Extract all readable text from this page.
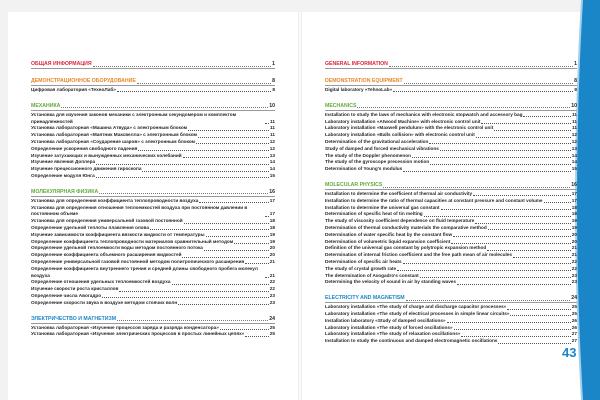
ОБЩАЯ ИНФОРМАЦИЯ	1
ДЕМОНСТРАЦИОННОЕ ОБОРУДОВАНИЕ	8
Цифровая лаборатория «ТехноЛаб»	8
МЕХАНИКА	10
Установка для изучения законов механики с электронным секундомером и комплектом принадлежностей	11
Установка лабораторная «Машина Атвуда» с электронным блоком	11
Установка лабораторная «Маятник Максвелла» с электронным блоком	11
Установка лабораторная «Соударение шаров» с электронным блоком	12
Определение ускорения свободного падения	12
Изучение затухающих и вынужденных механических колебаний	13
Изучение явления Доплера	14
Изучение прецессионного движения гироскопа	14
Определение модуля Юнга	15
МОЛЕКУЛЯРНАЯ ФИЗИКА	16
Установка для определения коэффициента теплопроводности воздуха	17
Установка для определения отношения теплоемкостей воздуха при постоянном давлении в постоянном объеме	17
Установка для определения универсальной газовой постоянной	18
Определение удельной теплоты плавления олова	18
Изучение зависимости коэффициента вязкости жидкости от температуры	19
Определение коэффициента теплопроводности материалов сравнительный методом	19
Определение удельной теплоемкости воды методом постоянного потока	20
Определение коэффициента объемного расширения жидкостей	20
Определение универсальной газовой постоянной методом политропического расширения	21
Определение коэффициента внутреннего трения и средней длины свободного пробега молекул воздуха	21
Определение отношения удельных теплоемкостей воздуха	22
Изучение скорости роста кристаллов	22
Определение числа Авогадро	23
Определение скорости звука в воздухе методом стоячих волн	23
ЭЛЕКТРИЧЕСТВО И МАГНЕТИЗМ	24
Установка лабораторная «Изучение процессов заряда и разряда конденсатора»	25
Установка лабораторная «Изучение электрических процессов в простых линейных цепях»	25
GENERAL INFORMATION	1
DEMONSTRATION EQUIPMENT	8
Digital laboratory «TehnoLab»	8
MECHANICS	10
Installation to study the laws of mechanics with electronic stopwatch and accessory bag	11
Laboratory installation «Atwood Machine» with electronic control unit	11
Laboratory installation «Maxwell pendulum» with the electronic control unit	11
Laboratory installation «Balls collision» with electronic control unit	12
Determination of the gravitational acceleration	12
Study of damped and forced mechanical vibrations	13
The study of the Doppler phenomenon	14
The study of the gyroscope precession motion	14
Determination of Young's modulus	15
MOLECULAR PHYSICS	16
Installation to determine the coefficient of thermal air conductivity	17
Installation to determine the ratio of thermal capacities at constant pressure and constant volume	17
Installation to determine the universal gas constant	18
Determination of specific heat of tin melting	18
The study of viscosity coefficient dependence on fluid temperature	19
Determination of thermal conductivity materials the comparative method	19
Determination of water specific heat by the constant flow	20
Determination of volumetric liquid expansion coefficient	20
Definition of the universal gas constant by polytropic expansion method	21
Determination of internal friction coefficient and the free path mean of air molecules	21
Determination of specific air heats	22
The study of crystal growth rate	22
The determination of Avogadro's constant	23
Determining the velocity of sound in air by standing waves	23
ELECTRICITY AND MAGNETISM	24
Laboratory installation «The study of charge and discharge capacitor processes»	25
Laboratory installation «The study of electrical processes in simple linear circuits»	25
Installation laboratory «Study of damped oscillations»	26
Laboratory installation «The study of forced oscillations»	26
Laboratory installation «The study of relaxation oscillations»	27
Installation to study the continuous and damped electromagnetic oscillations	27
43
